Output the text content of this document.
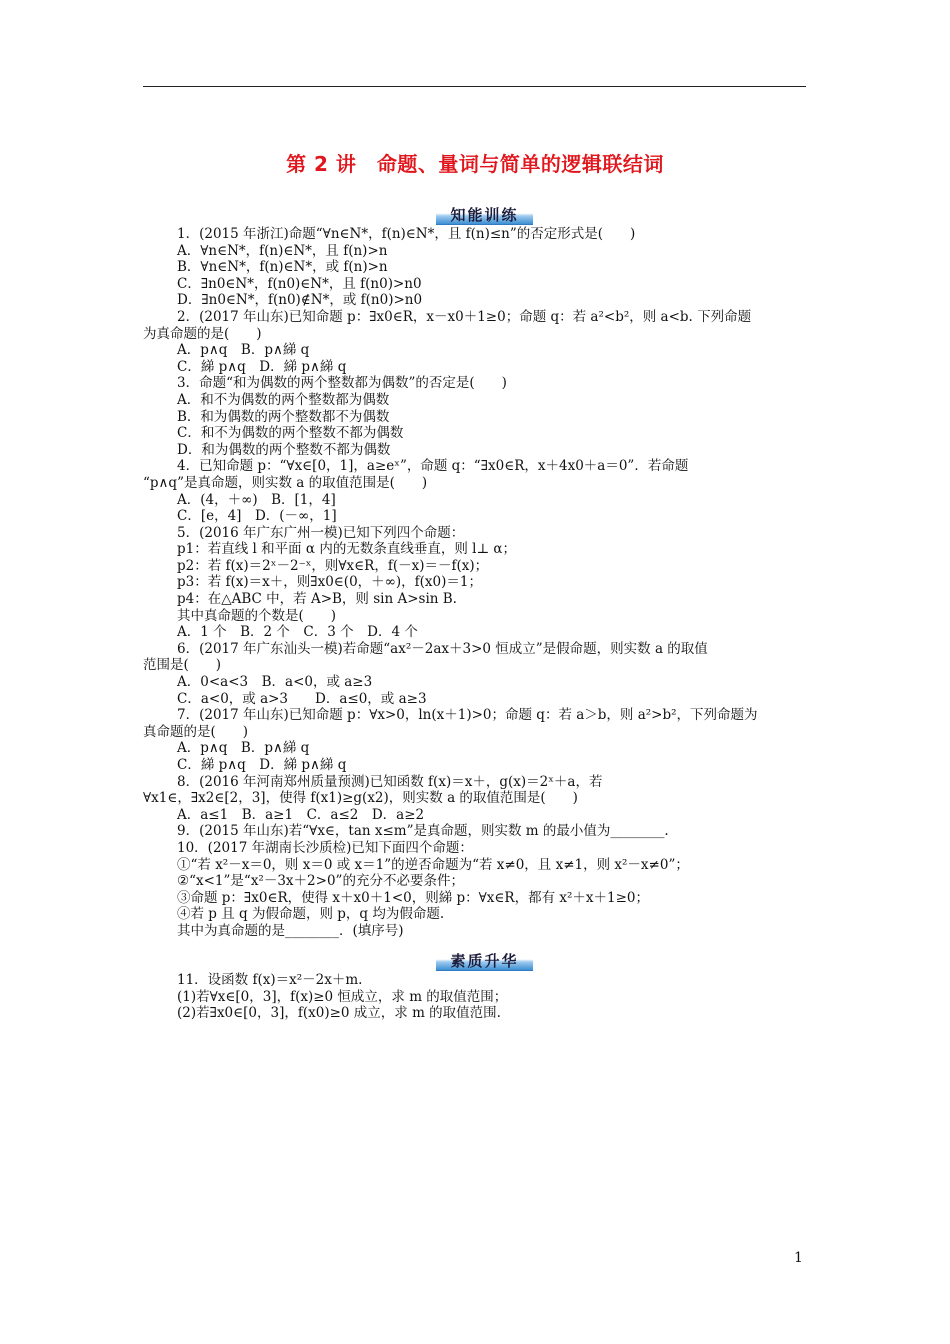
第 2 讲　命题、量词与简单的逻辑联结词
知能训练
1．(2015 年浙江)命题“∀n∈N*，f(n)∈N*，且 f(n)≤n”的否定形式是(　　)
A．∀n∈N*，f(n)∈N*，且 f(n)>n
B．∀n∈N*，f(n)∈N*，或 f(n)>n
C．∃n0∈N*，f(n0)∈N*，且 f(n0)>n0
D．∃n0∈N*，f(n0)∉N*，或 f(n0)>n0
2．(2017 年山东)已知命题 p：∃x0∈R，x－x0＋1≥0；命题 q：若 a²<b²，则 a<b. 下列命题
为真命题的是(　　)
A．p∧q　B．p∧綈 q
C．綈 p∧q　D．綈 p∧綈 q
3．命题“和为偶数的两个整数都为偶数”的否定是(　　)
A．和不为偶数的两个整数都为偶数
B．和为偶数的两个整数都不为偶数
C．和不为偶数的两个整数不都为偶数
D．和为偶数的两个整数不都为偶数
4．已知命题 p：“∀x∈[0，1]，a≥eˣ”，命题 q：“∃x0∈R，x＋4x0＋a＝0”．若命题
“p∧q”是真命题，则实数 a 的取值范围是(　　)
A．(4，＋∞)　B．[1，4]
C．[e，4]　D．(－∞，1]
5．(2016 年广东广州一模)已知下列四个命题：
p1：若直线 l 和平面 α 内的无数条直线垂直，则 l⊥ α；
p2：若 f(x)＝2ˣ－2⁻ˣ，则∀x∈R，f(－x)＝－f(x)；
p3：若 f(x)＝x＋，则∃x0∈(0，＋∞)，f(x0)＝1；
p4：在△ABC 中，若 A>B，则 sin A>sin B.
其中真命题的个数是(　　)
A．1 个　B．2 个　C．3 个　D．4 个
6．(2017 年广东汕头一模)若命题“ax²－2ax＋3>0 恒成立”是假命题，则实数 a 的取值
范围是(　　)
A．0<a<3　B．a<0，或 a≥3
C．a<0，或 a>3　　D．a≤0，或 a≥3
7．(2017 年山东)已知命题 p：∀x>0，ln(x＋1)>0；命题 q：若 a＞b，则 a²>b²，下列命题为
真命题的是(　　)
A．p∧q　B．p∧綈 q
C．綈 p∧q　D．綈 p∧綈 q
8．(2016 年河南郑州质量预测)已知函数 f(x)＝x＋，g(x)＝2ˣ＋a，若
∀x1∈，∃x2∈[2，3]，使得 f(x1)≥g(x2)，则实数 a 的取值范围是(　　)
A．a≤1　B．a≥1　C．a≤2　D．a≥2
9．(2015 年山东)若“∀x∈，tan x≤m”是真命题，则实数 m 的最小值为________.
10．(2017 年湖南长沙质检)已知下面四个命题：
①“若 x²－x＝0，则 x＝0 或 x＝1”的逆否命题为“若 x≠0，且 x≠1，则 x²－x≠0”；
②“x<1”是“x²－3x＋2>0”的充分不必要条件；
③命题 p：∃x0∈R，使得 x＋x0＋1<0，则綈 p：∀x∈R，都有 x²＋x＋1≥0；
④若 p 且 q 为假命题，则 p，q 均为假命题.
其中为真命题的是________．(填序号)
素质升华
11．设函数 f(x)＝x²－2x＋m.
(1)若∀x∈[0，3]，f(x)≥0 恒成立，求 m 的取值范围；
(2)若∃x0∈[0，3]，f(x0)≥0 成立，求 m 的取值范围.
1
